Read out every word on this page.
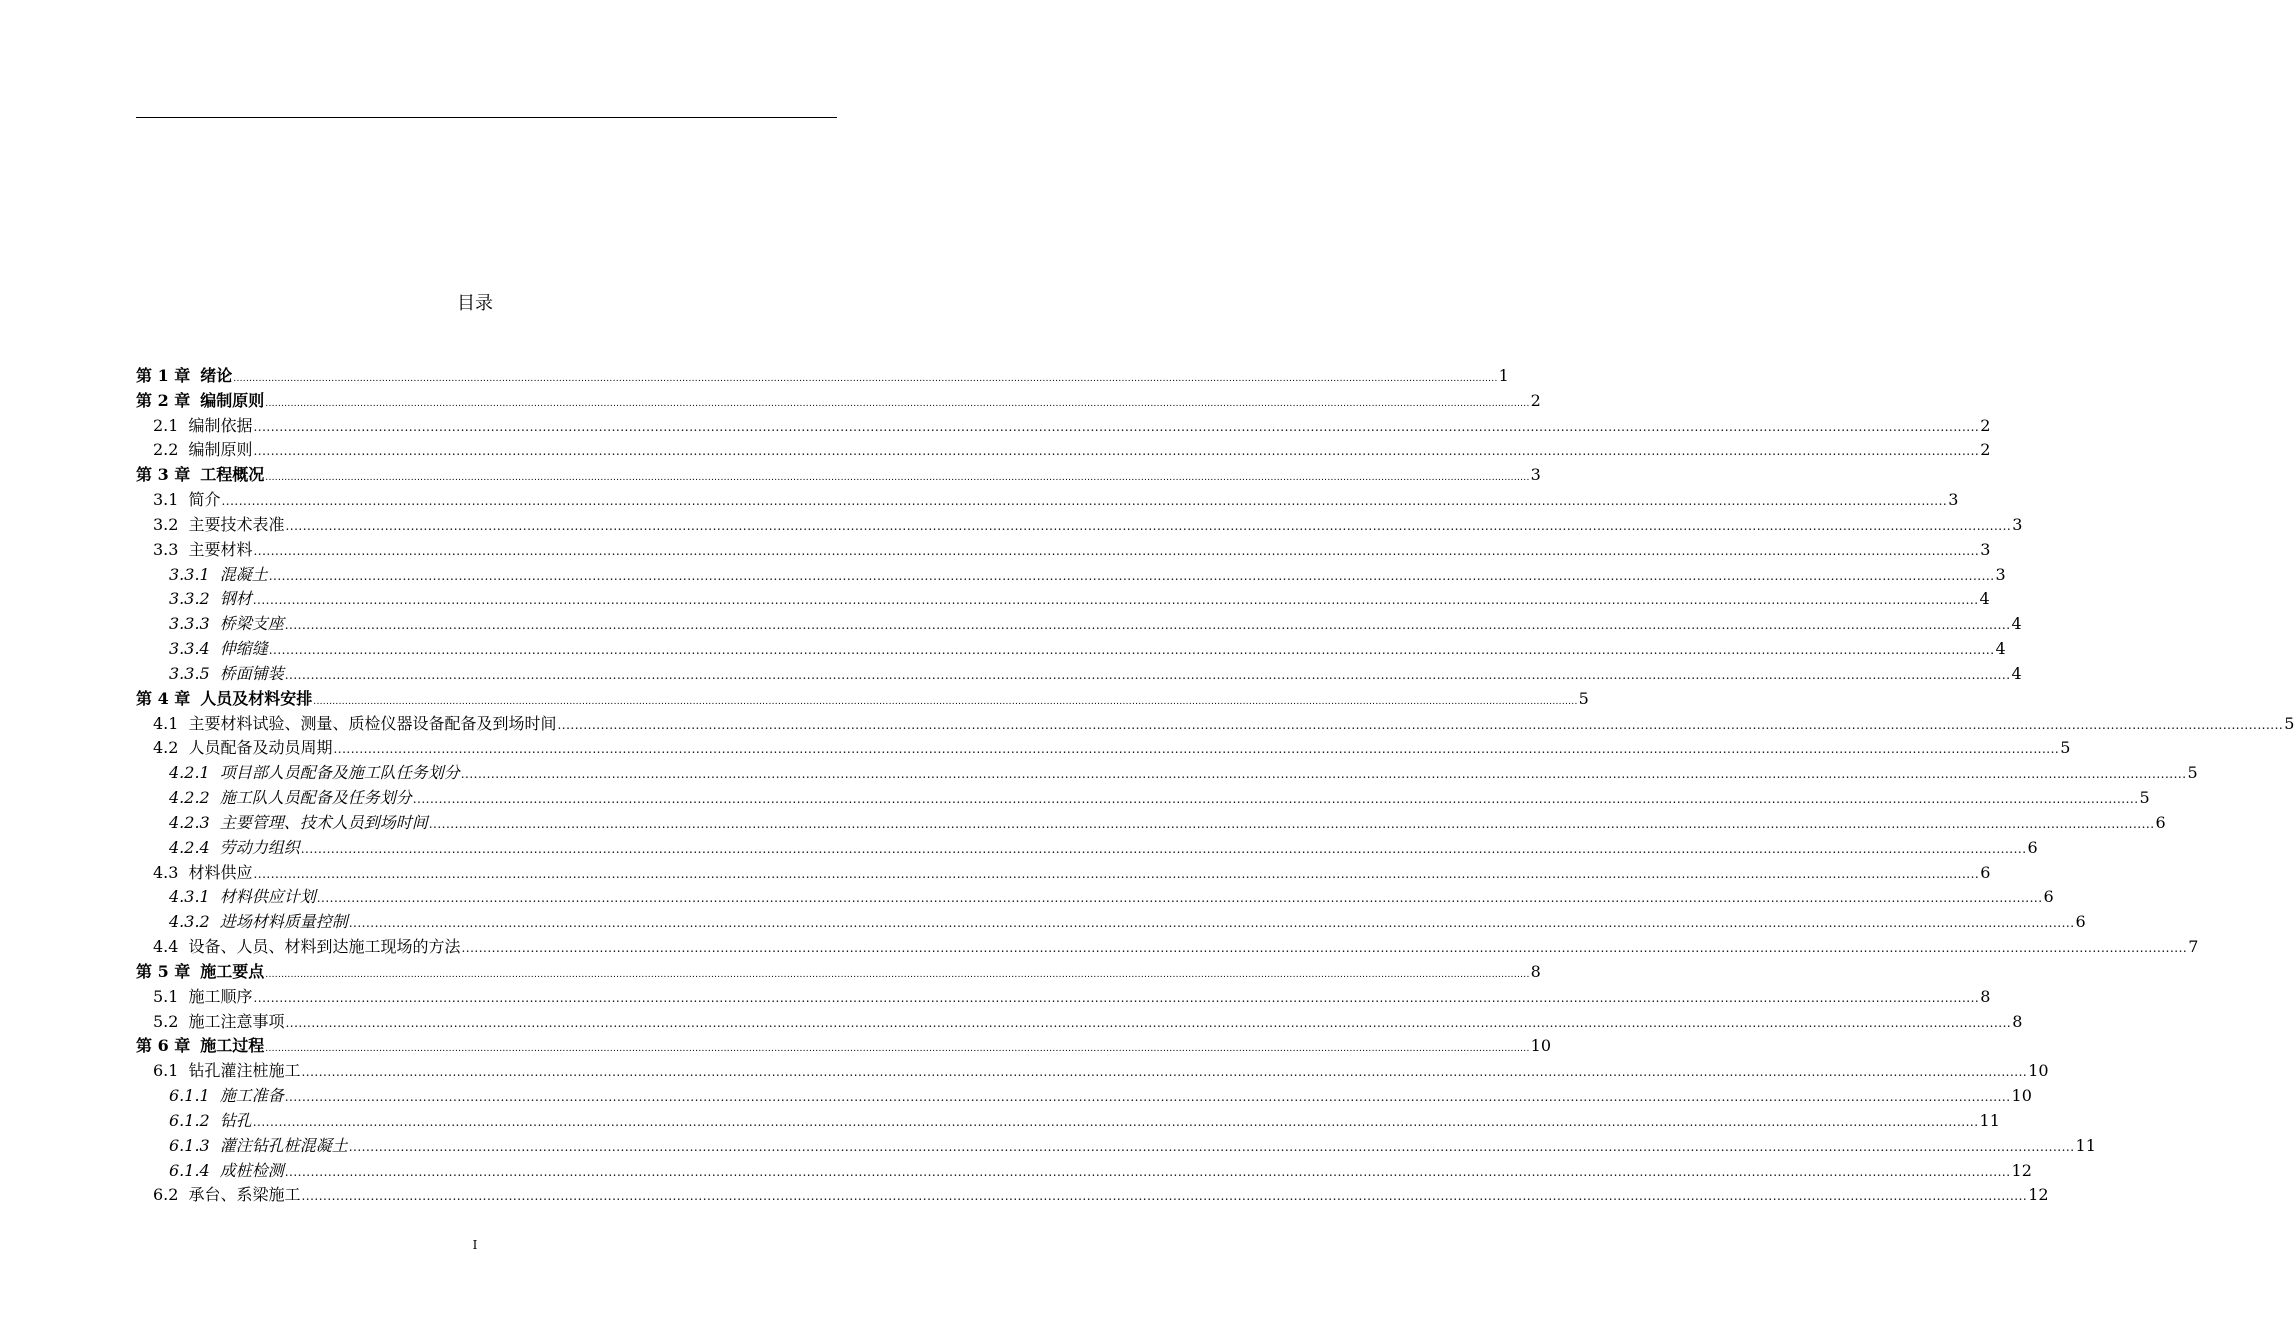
目录
第 1 章 绪论 ................................................................................................................................................................................................................................................................................................................................................................................................................ 1
第 2 章 编制原则 ................................................................................................................................................................................................................................................................................................................................................................................................................ 2
2.1 编制依据 ................................................................................................................................................................................................................................................................................................................................................................................................................ 2
2.2 编制原则 ................................................................................................................................................................................................................................................................................................................................................................................................................ 2
第 3 章 工程概况 ................................................................................................................................................................................................................................................................................................................................................................................................................ 3
3.1 简介 ................................................................................................................................................................................................................................................................................................................................................................................................................ 3
3.2 主要技术表准 ................................................................................................................................................................................................................................................................................................................................................................................................................ 3
3.3 主要材料 ................................................................................................................................................................................................................................................................................................................................................................................................................ 3
3.3.1 混凝土 ................................................................................................................................................................................................................................................................................................................................................................................................................ 3
3.3.2 钢材 ................................................................................................................................................................................................................................................................................................................................................................................................................ 4
3.3.3 桥梁支座 ................................................................................................................................................................................................................................................................................................................................................................................................................ 4
3.3.4 伸缩缝 ................................................................................................................................................................................................................................................................................................................................................................................................................ 4
3.3.5 桥面铺装 ................................................................................................................................................................................................................................................................................................................................................................................................................ 4
第 4 章 人员及材料安排 ................................................................................................................................................................................................................................................................................................................................................................................................................ 5
4.1 主要材料试验、测量、质检仪器设备配备及到场时间 ................................................................................................................................................................................................................................................................................................................................................................................................................ 5
4.2 人员配备及动员周期 ................................................................................................................................................................................................................................................................................................................................................................................................................ 5
4.2.1 项目部人员配备及施工队任务划分 ................................................................................................................................................................................................................................................................................................................................................................................................................ 5
4.2.2 施工队人员配备及任务划分 ................................................................................................................................................................................................................................................................................................................................................................................................................ 5
4.2.3 主要管理、技术人员到场时间 ................................................................................................................................................................................................................................................................................................................................................................................................................ 6
4.2.4 劳动力组织 ................................................................................................................................................................................................................................................................................................................................................................................................................ 6
4.3 材料供应 ................................................................................................................................................................................................................................................................................................................................................................................................................ 6
4.3.1 材料供应计划 ................................................................................................................................................................................................................................................................................................................................................................................................................ 6
4.3.2 进场材料质量控制 ................................................................................................................................................................................................................................................................................................................................................................................................................ 6
4.4 设备、人员、材料到达施工现场的方法 ................................................................................................................................................................................................................................................................................................................................................................................................................ 7
第 5 章 施工要点 ................................................................................................................................................................................................................................................................................................................................................................................................................ 8
5.1 施工顺序 ................................................................................................................................................................................................................................................................................................................................................................................................................ 8
5.2 施工注意事项 ................................................................................................................................................................................................................................................................................................................................................................................................................ 8
第 6 章 施工过程 ................................................................................................................................................................................................................................................................................................................................................................................................................ 10
6.1 钻孔灌注桩施工 ................................................................................................................................................................................................................................................................................................................................................................................................................ 10
6.1.1 施工准备 ................................................................................................................................................................................................................................................................................................................................................................................................................ 10
6.1.2 钻孔 ................................................................................................................................................................................................................................................................................................................................................................................................................ 11
6.1.3 灌注钻孔桩混凝土 ................................................................................................................................................................................................................................................................................................................................................................................................................ 11
6.1.4 成桩检测 ................................................................................................................................................................................................................................................................................................................................................................................................................ 12
6.2 承台、系梁施工 ................................................................................................................................................................................................................................................................................................................................................................................................................ 12
I
